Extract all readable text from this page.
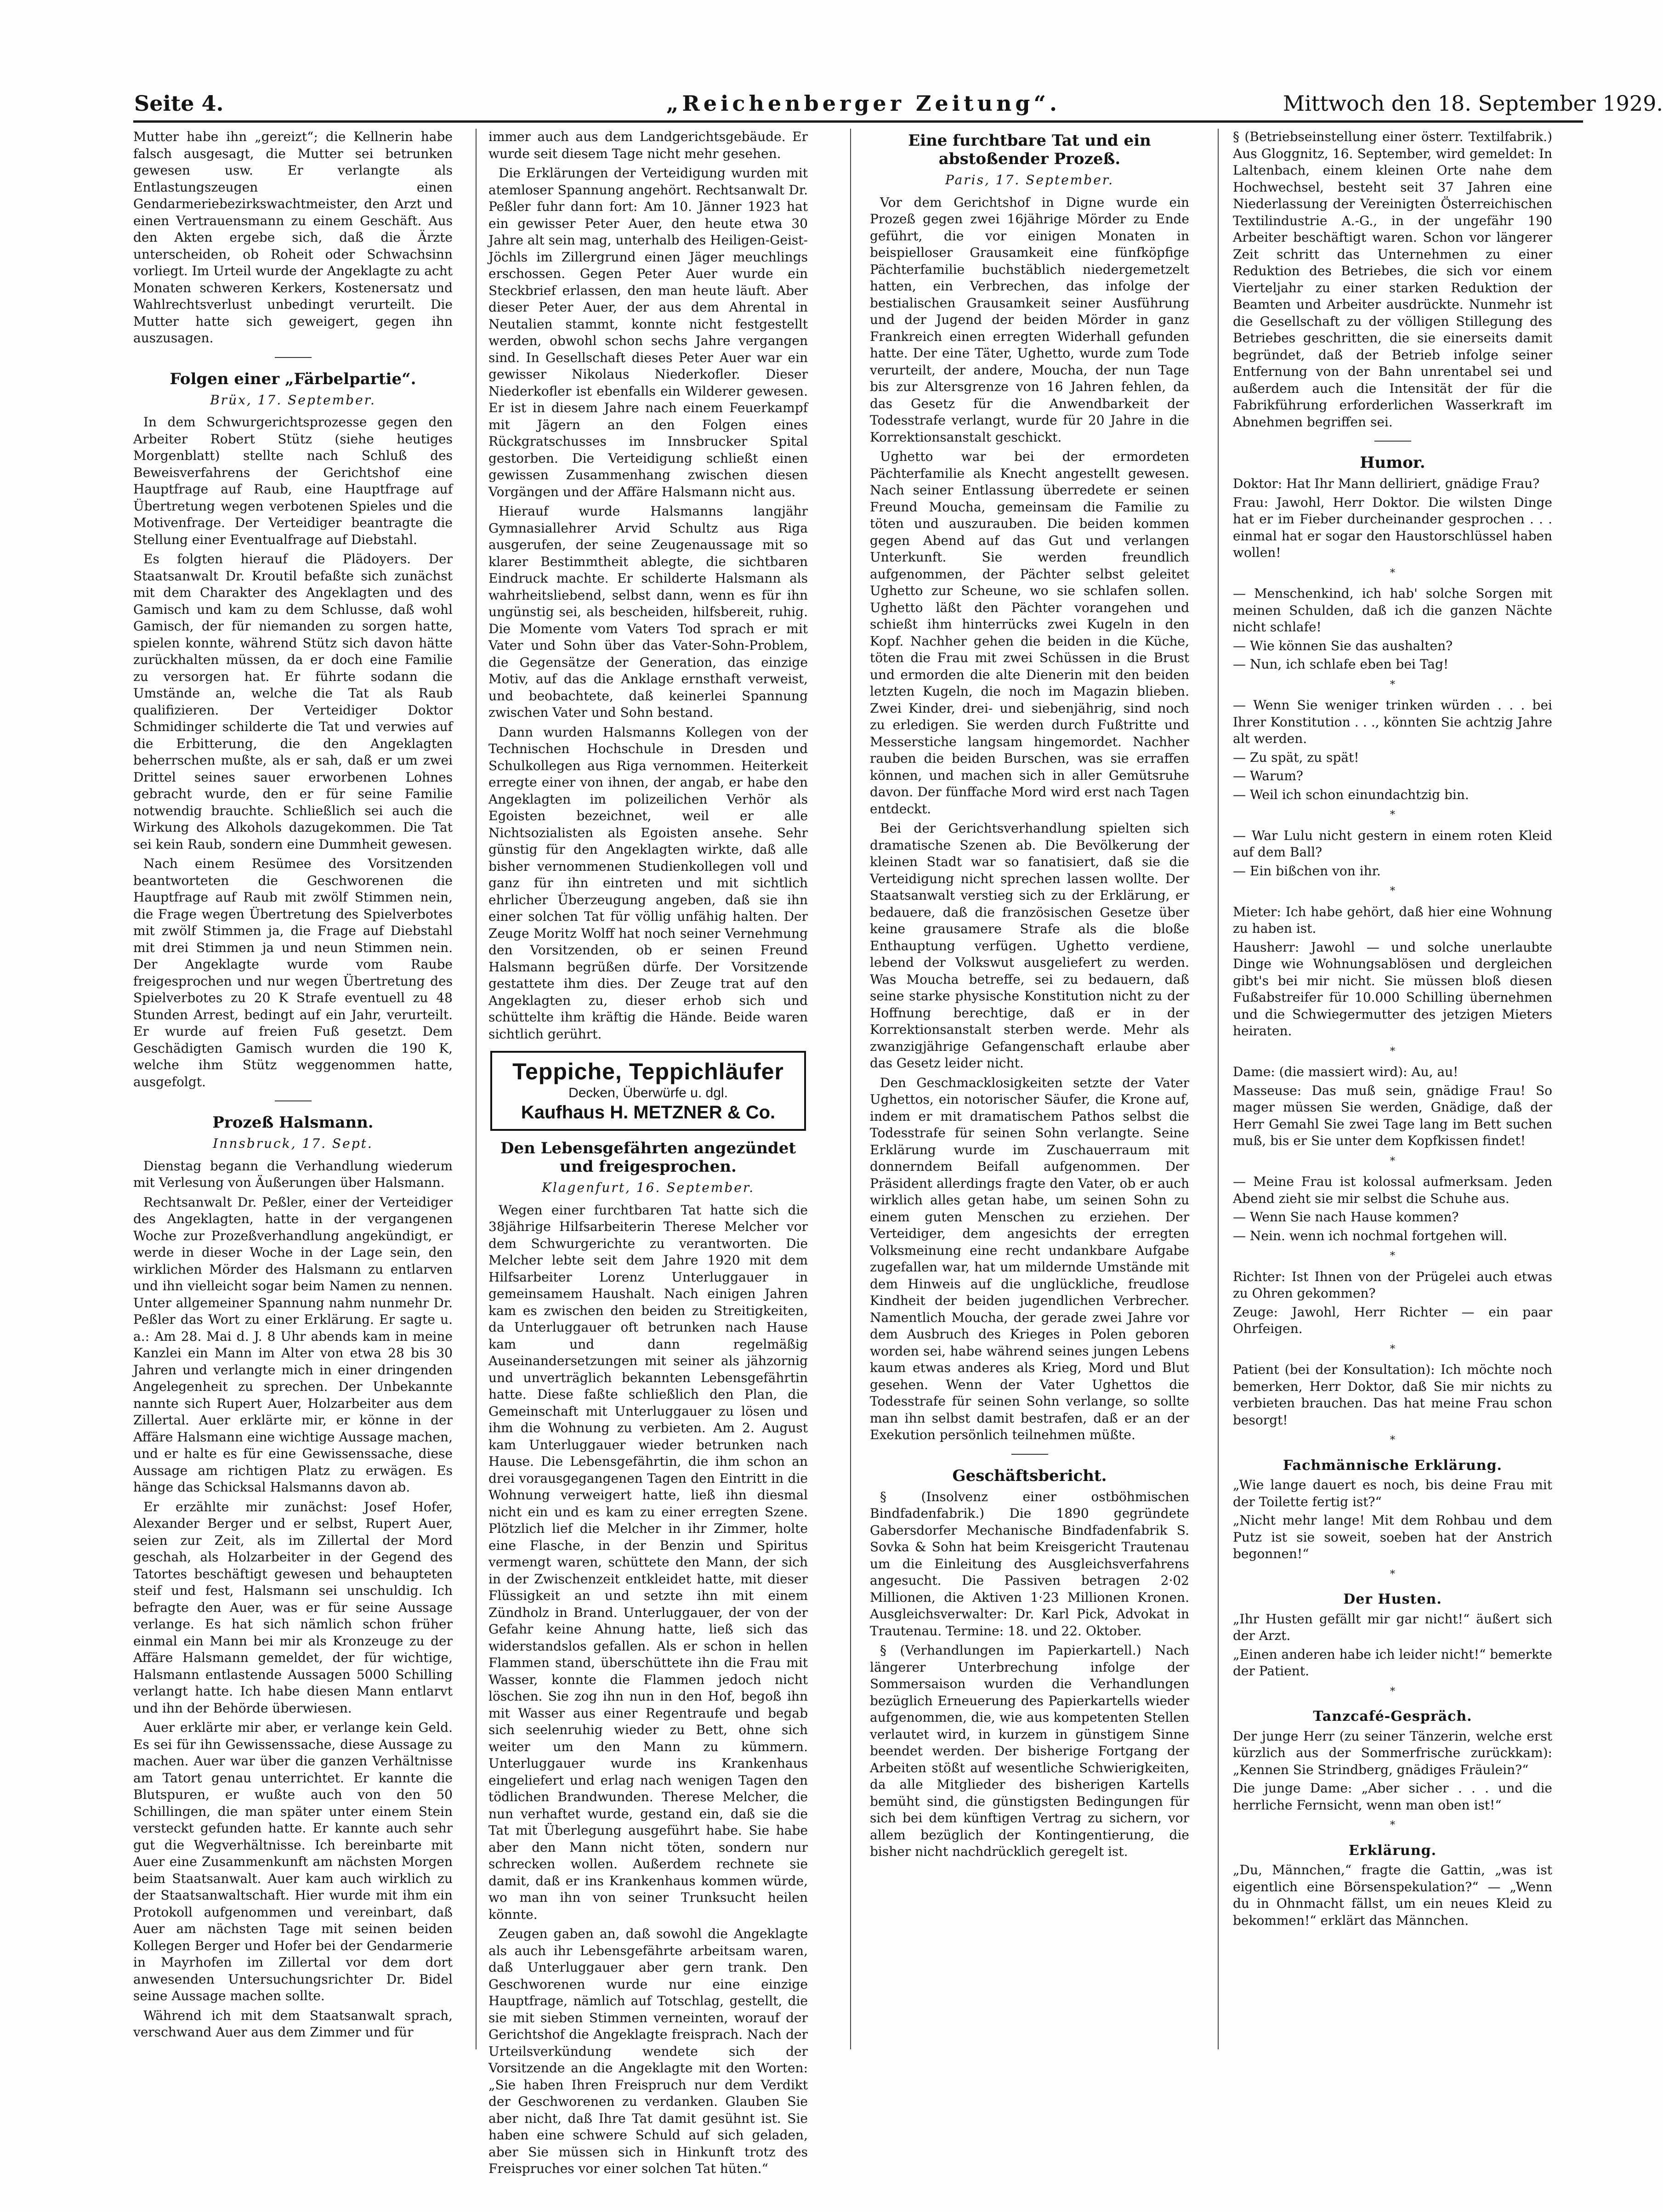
Seite 4.	„Reichenberger Zeitung“.	Mittwoch den 18. September 1929.

Mutter habe ihn „gereizt“; die Kellnerin habe falsch ausgesagt, die Mutter sei betrunken gewesen usw. Er verlangte als Entlastungszeugen einen Gendarmeriebezirkswachtmeister, den Arzt und einen Vertrauensmann zu einem Geschäft. Aus den Akten ergebe sich, daß die Ärzte unterscheiden, ob Roheit oder Schwachsinn vorliegt. Im Urteil wurde der Angeklagte zu acht Monaten schweren Kerkers, Kostenersatz und Wahlrechtsverlust unbedingt verurteilt. Die Mutter hatte sich geweigert, gegen ihn auszusagen.

Folgen einer „Färbelpartie“.
Brüx, 17. September.

In dem Schwurgerichtsprozesse gegen den Arbeiter Robert Stütz (siehe heutiges Morgenblatt) stellte nach Schluß des Beweisverfahrens der Gerichtshof eine Hauptfrage auf Raub, eine Hauptfrage auf Übertretung wegen verbotenen Spieles und die Motivenfrage. Der Verteidiger beantragte die Stellung einer Eventualfrage auf Diebstahl.

Es folgten hierauf die Plädoyers. Der Staatsanwalt Dr. Kroutil befaßte sich zunächst mit dem Charakter des Angeklagten und des Gamisch und kam zu dem Schlusse, daß wohl Gamisch, der für niemanden zu sorgen hatte, spielen konnte, während Stütz sich davon hätte zurückhalten müssen, da er doch eine Familie zu versorgen hat. Er führte sodann die Umstände an, welche die Tat als Raub qualifizieren. Der Verteidiger Doktor Schmidinger schilderte die Tat und verwies auf die Erbitterung, die den Angeklagten beherrschen mußte, als er sah, daß er um zwei Drittel seines sauer erworbenen Lohnes gebracht wurde, den er für seine Familie notwendig brauchte. Schließlich sei auch die Wirkung des Alkohols dazugekommen. Die Tat sei kein Raub, sondern eine Dummheit gewesen.

Nach einem Resümee des Vorsitzenden beantworteten die Geschworenen die Hauptfrage auf Raub mit zwölf Stimmen nein, die Frage wegen Übertretung des Spielverbotes mit zwölf Stimmen ja, die Frage auf Diebstahl mit drei Stimmen ja und neun Stimmen nein. Der Angeklagte wurde vom Raube freigesprochen und nur wegen Übertretung des Spielverbotes zu 20 K Strafe eventuell zu 48 Stunden Arrest, bedingt auf ein Jahr, verurteilt. Er wurde auf freien Fuß gesetzt. Dem Geschädigten Gamisch wurden die 190 K, welche ihm Stütz weggenommen hatte, ausgefolgt.

Prozeß Halsmann.
Innsbruck, 17. Sept.

Dienstag begann die Verhandlung wiederum mit Verlesung von Äußerungen über Halsmann.

Rechtsanwalt Dr. Peßler, einer der Verteidiger des Angeklagten, hatte in der vergangenen Woche zur Prozeßverhandlung angekündigt, er werde in dieser Woche in der Lage sein, den wirklichen Mörder des Halsmann zu entlarven und ihn vielleicht sogar beim Namen zu nennen. Unter allgemeiner Spannung nahm nunmehr Dr. Peßler das Wort zu einer Erklärung. Er sagte u. a.: Am 28. Mai d. J. 8 Uhr abends kam in meine Kanzlei ein Mann im Alter von etwa 28 bis 30 Jahren und verlangte mich in einer dringenden Angelegenheit zu sprechen. Der Unbekannte nannte sich Rupert Auer, Holzarbeiter aus dem Zillertal. Auer erklärte mir, er könne in der Affäre Halsmann eine wichtige Aussage machen, und er halte es für eine Gewissenssache, diese Aussage am richtigen Platz zu erwägen. Es hänge das Schicksal Halsmanns davon ab.

Er erzählte mir zunächst: Josef Hofer, Alexander Berger und er selbst, Rupert Auer, seien zur Zeit, als im Zillertal der Mord geschah, als Holzarbeiter in der Gegend des Tatortes beschäftigt gewesen und behaupteten steif und fest, Halsmann sei unschuldig. Ich befragte den Auer, was er für seine Aussage verlange. Es hat sich nämlich schon früher einmal ein Mann bei mir als Kronzeuge zu der Affäre Halsmann gemeldet, der für wichtige, Halsmann entlastende Aussagen 5000 Schilling verlangt hatte. Ich habe diesen Mann entlarvt und ihn der Behörde überwiesen.

Auer erklärte mir aber, er verlange kein Geld. Es sei für ihn Gewissenssache, diese Aussage zu machen. Auer war über die ganzen Verhältnisse am Tatort genau unterrichtet. Er kannte die Blutspuren, er wußte auch von den 50 Schillingen, die man später unter einem Stein versteckt gefunden hatte. Er kannte auch sehr gut die Wegverhältnisse. Ich bereinbarte mit Auer eine Zusammenkunft am nächsten Morgen beim Staatsanwalt. Auer kam auch wirklich zu der Staatsanwaltschaft. Hier wurde mit ihm ein Protokoll aufgenommen und vereinbart, daß Auer am nächsten Tage mit seinen beiden Kollegen Berger und Hofer bei der Gendarmerie in Mayrhofen im Zillertal vor dem dort anwesenden Untersuchungsrichter Dr. Bidel seine Aussage machen sollte.

Während ich mit dem Staatsanwalt sprach, verschwand Auer aus dem Zimmer und für

immer auch aus dem Landgerichtsgebäude. Er wurde seit diesem Tage nicht mehr gesehen.

Die Erklärungen der Verteidigung wurden mit atemloser Spannung angehört. Rechtsanwalt Dr. Peßler fuhr dann fort: Am 10. Jänner 1923 hat ein gewisser Peter Auer, den heute etwa 30 Jahre alt sein mag, unterhalb des Heiligen-Geist-Jöchls im Zillergrund einen Jäger meuchlings erschossen. Gegen Peter Auer wurde ein Steckbrief erlassen, den man heute läuft. Aber dieser Peter Auer, der aus dem Ahrental in Neutalien stammt, konnte nicht festgestellt werden, obwohl schon sechs Jahre vergangen sind. In Gesellschaft dieses Peter Auer war ein gewisser Nikolaus Niederkofler. Dieser Niederkofler ist ebenfalls ein Wilderer gewesen. Er ist in diesem Jahre nach einem Feuerkampf mit Jägern an den Folgen eines Rückgratschusses im Innsbrucker Spital gestorben. Die Verteidigung schließt einen gewissen Zusammenhang zwischen diesen Vorgängen und der Affäre Halsmann nicht aus.

Hierauf wurde Halsmanns langjähr Gymnasiallehrer Arvid Schultz aus Riga ausgerufen, der seine Zeugenaussage mit so klarer Bestimmtheit ablegte, die sichtbaren Eindruck machte. Er schilderte Halsmann als wahrheitsliebend, selbst dann, wenn es für ihn ungünstig sei, als bescheiden, hilfsbereit, ruhig. Die Momente vom Vaters Tod sprach er mit Vater und Sohn über das Vater-Sohn-Problem, die Gegensätze der Generation, das einzige Motiv, auf das die Anklage ernsthaft verweist, und beobachtete, daß keinerlei Spannung zwischen Vater und Sohn bestand.

Dann wurden Halsmanns Kollegen von der Technischen Hochschule in Dresden und Schulkollegen aus Riga vernommen. Heiterkeit erregte einer von ihnen, der angab, er habe den Angeklagten im polizeilichen Verhör als Egoisten bezeichnet, weil er alle Nichtsozialisten als Egoisten ansehe. Sehr günstig für den Angeklagten wirkte, daß alle bisher vernommenen Studienkollegen voll und ganz für ihn eintreten und mit sichtlich ehrlicher Überzeugung angeben, daß sie ihn einer solchen Tat für völlig unfähig halten. Der Zeuge Moritz Wolff hat noch seiner Vernehmung den Vorsitzenden, ob er seinen Freund Halsmann begrüßen dürfe. Der Vorsitzende gestattete ihm dies. Der Zeuge trat auf den Angeklagten zu, dieser erhob sich und schüttelte ihm kräftig die Hände. Beide waren sichtlich gerührt.

Teppiche, Teppichläufer
Decken, Überwürfe u. dgl.
Kaufhaus H. METZNER & Co.
Den Lebensgefährten angezündet und freigesprochen.
Klagenfurt, 16. September.

Wegen einer furchtbaren Tat hatte sich die 38jährige Hilfsarbeiterin Therese Melcher vor dem Schwurgerichte zu verantworten. Die Melcher lebte seit dem Jahre 1920 mit dem Hilfsarbeiter Lorenz Unterluggauer in gemeinsamem Haushalt. Nach einigen Jahren kam es zwischen den beiden zu Streitigkeiten, da Unterluggauer oft betrunken nach Hause kam und dann regelmäßig Auseinandersetzungen mit seiner als jähzornig und unverträglich bekannten Lebensgefährtin hatte. Diese faßte schließlich den Plan, die Gemeinschaft mit Unterluggauer zu lösen und ihm die Wohnung zu verbieten. Am 2. August kam Unterluggauer wieder betrunken nach Hause. Die Lebensgefährtin, die ihm schon an drei vorausgegangenen Tagen den Eintritt in die Wohnung verweigert hatte, ließ ihn diesmal nicht ein und es kam zu einer erregten Szene. Plötzlich lief die Melcher in ihr Zimmer, holte eine Flasche, in der Benzin und Spiritus vermengt waren, schüttete den Mann, der sich in der Zwischenzeit entkleidet hatte, mit dieser Flüssigkeit an und setzte ihn mit einem Zündholz in Brand. Unterluggauer, der von der Gefahr keine Ahnung hatte, ließ sich das widerstandslos gefallen. Als er schon in hellen Flammen stand, überschüttete ihn die Frau mit Wasser, konnte die Flammen jedoch nicht löschen. Sie zog ihn nun in den Hof, begoß ihn mit Wasser aus einer Regentraufe und begab sich seelenruhig wieder zu Bett, ohne sich weiter um den Mann zu kümmern. Unterluggauer wurde ins Krankenhaus eingeliefert und erlag nach wenigen Tagen den tödlichen Brandwunden. Therese Melcher, die nun verhaftet wurde, gestand ein, daß sie die Tat mit Überlegung ausgeführt habe. Sie habe aber den Mann nicht töten, sondern nur schrecken wollen. Außerdem rechnete sie damit, daß er ins Krankenhaus kommen würde, wo man ihn von seiner Trunksucht heilen könnte.

Zeugen gaben an, daß sowohl die Angeklagte als auch ihr Lebensgefährte arbeitsam waren, daß Unterluggauer aber gern trank. Den Geschworenen wurde nur eine einzige Hauptfrage, nämlich auf Totschlag, gestellt, die sie mit sieben Stimmen verneinten, worauf der Gerichtshof die Angeklagte freisprach. Nach der Urteilsverkündung wendete sich der Vorsitzende an die Angeklagte mit den Worten: „Sie haben Ihren Freispruch nur dem Verdikt der Geschworenen zu verdanken. Glauben Sie aber nicht, daß Ihre Tat damit gesühnt ist. Sie haben eine schwere Schuld auf sich geladen, aber Sie müssen sich in Hinkunft trotz des Freispruches vor einer solchen Tat hüten.“

Eine furchtbare Tat und ein abstoßender Prozeß.
Paris, 17. September.

Vor dem Gerichtshof in Digne wurde ein Prozeß gegen zwei 16jährige Mörder zu Ende geführt, die vor einigen Monaten in beispielloser Grausamkeit eine fünfköpfige Pächterfamilie buchstäblich niedergemetzelt hatten, ein Verbrechen, das infolge der bestialischen Grausamkeit seiner Ausführung und der Jugend der beiden Mörder in ganz Frankreich einen erregten Widerhall gefunden hatte. Der eine Täter, Ughetto, wurde zum Tode verurteilt, der andere, Moucha, der nun Tage bis zur Altersgrenze von 16 Jahren fehlen, da das Gesetz für die Anwendbarkeit der Todesstrafe verlangt, wurde für 20 Jahre in die Korrektionsanstalt geschickt.

Ughetto war bei der ermordeten Pächterfamilie als Knecht angestellt gewesen. Nach seiner Entlassung überredete er seinen Freund Moucha, gemeinsam die Familie zu töten und auszurauben. Die beiden kommen gegen Abend auf das Gut und verlangen Unterkunft. Sie werden freundlich aufgenommen, der Pächter selbst geleitet Ughetto zur Scheune, wo sie schlafen sollen. Ughetto läßt den Pächter vorangehen und schießt ihm hinterrücks zwei Kugeln in den Kopf. Nachher gehen die beiden in die Küche, töten die Frau mit zwei Schüssen in die Brust und ermorden die alte Dienerin mit den beiden letzten Kugeln, die noch im Magazin blieben. Zwei Kinder, drei- und siebenjährig, sind noch zu erledigen. Sie werden durch Fußtritte und Messerstiche langsam hingemordet. Nachher rauben die beiden Burschen, was sie erraffen können, und machen sich in aller Gemütsruhe davon. Der fünffache Mord wird erst nach Tagen entdeckt.

Bei der Gerichtsverhandlung spielten sich dramatische Szenen ab. Die Bevölkerung der kleinen Stadt war so fanatisiert, daß sie die Verteidigung nicht sprechen lassen wollte. Der Staatsanwalt verstieg sich zu der Erklärung, er bedauere, daß die französischen Gesetze über keine grausamere Strafe als die bloße Enthauptung verfügen. Ughetto verdiene, lebend der Volkswut ausgeliefert zu werden. Was Moucha betreffe, sei zu bedauern, daß seine starke physische Konstitution nicht zu der Hoffnung berechtige, daß er in der Korrektionsanstalt sterben werde. Mehr als zwanzigjährige Gefangenschaft erlaube aber das Gesetz leider nicht.

Den Geschmacklosigkeiten setzte der Vater Ughettos, ein notorischer Säufer, die Krone auf, indem er mit dramatischem Pathos selbst die Todesstrafe für seinen Sohn verlangte. Seine Erklärung wurde im Zuschauerraum mit donnerndem Beifall aufgenommen. Der Präsident allerdings fragte den Vater, ob er auch wirklich alles getan habe, um seinen Sohn zu einem guten Menschen zu erziehen. Der Verteidiger, dem angesichts der erregten Volksmeinung eine recht undankbare Aufgabe zugefallen war, hat um mildernde Umstände mit dem Hinweis auf die unglückliche, freudlose Kindheit der beiden jugendlichen Verbrecher. Namentlich Moucha, der gerade zwei Jahre vor dem Ausbruch des Krieges in Polen geboren worden sei, habe während seines jungen Lebens kaum etwas anderes als Krieg, Mord und Blut gesehen. Wenn der Vater Ughettos die Todesstrafe für seinen Sohn verlange, so sollte man ihn selbst damit bestrafen, daß er an der Exekution persönlich teilnehmen müßte.

Geschäftsbericht.

§ (Insolvenz einer ostböhmischen Bindfadenfabrik.) Die 1890 gegründete Gabersdorfer Mechanische Bindfadenfabrik S. Sovka & Sohn hat beim Kreisgericht Trautenau um die Einleitung des Ausgleichsverfahrens angesucht. Die Passiven betragen 2·02 Millionen, die Aktiven 1·23 Millionen Kronen. Ausgleichsverwalter: Dr. Karl Pick, Advokat in Trautenau. Termine: 18. und 22. Oktober.

§ (Verhandlungen im Papierkartell.) Nach längerer Unterbrechung infolge der Sommersaison wurden die Verhandlungen bezüglich Erneuerung des Papierkartells wieder aufgenommen, die, wie aus kompetenten Stellen verlautet wird, in kurzem in günstigem Sinne beendet werden. Der bisherige Fortgang der Arbeiten stößt auf wesentliche Schwierigkeiten, da alle Mitglieder des bisherigen Kartells bemüht sind, die günstigsten Bedingungen für sich bei dem künftigen Vertrag zu sichern, vor allem bezüglich der Kontingentierung, die bisher nicht nachdrücklich geregelt ist.

§ (Betriebseinstellung einer österr. Textilfabrik.) Aus Gloggnitz, 16. September, wird gemeldet: In Laltenbach, einem kleinen Orte nahe dem Hochwechsel, besteht seit 37 Jahren eine Niederlassung der Vereinigten Österreichischen Textilindustrie A.-G., in der ungefähr 190 Arbeiter beschäftigt waren. Schon vor längerer Zeit schritt das Unternehmen zu einer Reduktion des Betriebes, die sich vor einem Vierteljahr zu einer starken Reduktion der Beamten und Arbeiter ausdrückte. Nunmehr ist die Gesellschaft zu der völligen Stillegung des Betriebes geschritten, die sie einerseits damit begründet, daß der Betrieb infolge seiner Entfernung von der Bahn unrentabel sei und außerdem auch die Intensität der für die Fabrikführung erforderlichen Wasserkraft im Abnehmen begriffen sei.

Humor.

Doktor: Hat Ihr Mann delliriert, gnädige Frau?

Frau: Jawohl, Herr Doktor. Die wilsten Dinge hat er im Fieber durcheinander gesprochen . . . einmal hat er sogar den Haustorschlüssel haben wollen!

*

— Menschenkind, ich hab' solche Sorgen mit meinen Schulden, daß ich die ganzen Nächte nicht schlafe!

— Wie können Sie das aushalten?

— Nun, ich schlafe eben bei Tag!

*

— Wenn Sie weniger trinken würden . . . bei Ihrer Konstitution . . ., könnten Sie achtzig Jahre alt werden.

— Zu spät, zu spät!

— Warum?

— Weil ich schon einundachtzig bin.

*

— War Lulu nicht gestern in einem roten Kleid auf dem Ball?

— Ein bißchen von ihr.

*

Mieter: Ich habe gehört, daß hier eine Wohnung zu haben ist.

Hausherr: Jawohl — und solche unerlaubte Dinge wie Wohnungsablösen und dergleichen gibt's bei mir nicht. Sie müssen bloß diesen Fußabstreifer für 10.000 Schilling übernehmen und die Schwiegermutter des jetzigen Mieters heiraten.

*

Dame: (die massiert wird): Au, au!

Masseuse: Das muß sein, gnädige Frau! So mager müssen Sie werden, Gnädige, daß der Herr Gemahl Sie zwei Tage lang im Bett suchen muß, bis er Sie unter dem Kopfkissen findet!

*

— Meine Frau ist kolossal aufmerksam. Jeden Abend zieht sie mir selbst die Schuhe aus.

— Wenn Sie nach Hause kommen?

— Nein. wenn ich nochmal fortgehen will.

*

Richter: Ist Ihnen von der Prügelei auch etwas zu Ohren gekommen?

Zeuge: Jawohl, Herr Richter — ein paar Ohrfeigen.

*

Patient (bei der Konsultation): Ich möchte noch bemerken, Herr Doktor, daß Sie mir nichts zu verbieten brauchen. Das hat meine Frau schon besorgt!

*
Fachmännische Erklärung.

„Wie lange dauert es noch, bis deine Frau mit der Toilette fertig ist?“

„Nicht mehr lange! Mit dem Rohbau und dem Putz ist sie soweit, soeben hat der Anstrich begonnen!“

*
Der Husten.

„Ihr Husten gefällt mir gar nicht!“ äußert sich der Arzt.

„Einen anderen habe ich leider nicht!“ bemerkte der Patient.

*
Tanzcafé-Gespräch.

Der junge Herr (zu seiner Tänzerin, welche erst kürzlich aus der Sommerfrische zurückkam): „Kennen Sie Strindberg, gnädiges Fräulein?“

Die junge Dame: „Aber sicher . . . und die herrliche Fernsicht, wenn man oben ist!“

*
Erklärung.

„Du, Männchen,“ fragte die Gattin, „was ist eigentlich eine Börsenspekulation?“ — „Wenn du in Ohnmacht fällst, um ein neues Kleid zu bekommen!“ erklärt das Männchen.
